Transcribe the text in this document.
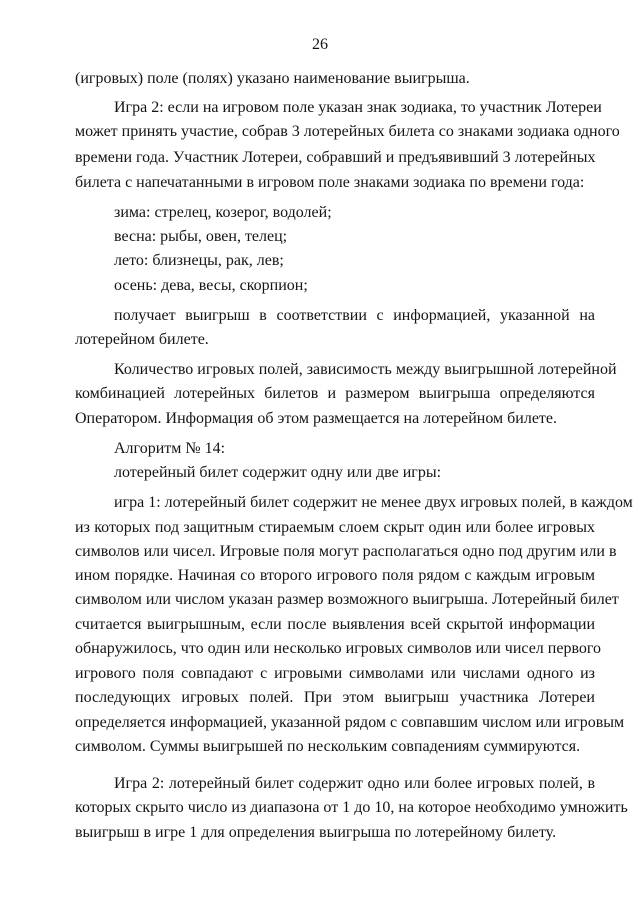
26
(игровых) поле (полях) указано наименование выигрыша.
Игра 2: если на игровом поле указан знак зодиака, то участник Лотереи
может принять участие, собрав 3 лотерейных билета со знаками зодиака одного
времени года. Участник Лотереи, собравший и предъявивший 3 лотерейных
билета с напечатанными в игровом поле знаками зодиака по времени года:
зима: стрелец, козерог, водолей;
весна: рыбы, овен, телец;
лето: близнецы, рак, лев;
осень: дева, весы, скорпион;
получает выигрыш в соответствии с информацией, указанной на
лотерейном билете.
Количество игровых полей, зависимость между выигрышной лотерейной
комбинацией лотерейных билетов и размером выигрыша определяются
Оператором. Информация об этом размещается на лотерейном билете.
Алгоритм № 14:
лотерейный билет содержит одну или две игры:
игра 1: лотерейный билет содержит не менее двух игровых полей, в каждом
из которых под защитным стираемым слоем скрыт один или более игровых
символов или чисел. Игровые поля могут располагаться одно под другим или в
ином порядке. Начиная со второго игрового поля рядом с каждым игровым
символом или числом указан размер возможного выигрыша. Лотерейный билет
считается выигрышным, если после выявления всей скрытой информации
обнаружилось, что один или несколько игровых символов или чисел первого
игрового поля совпадают с игровыми символами или числами одного из
последующих игровых полей. При этом выигрыш участника Лотереи
определяется информацией, указанной рядом с совпавшим числом или игровым
символом. Суммы выигрышей по нескольким совпадениям суммируются.
Игра 2: лотерейный билет содержит одно или более игровых полей, в
которых скрыто число из диапазона от 1 до 10, на которое необходимо умножить
выигрыш в игре 1 для определения выигрыша по лотерейному билету.
